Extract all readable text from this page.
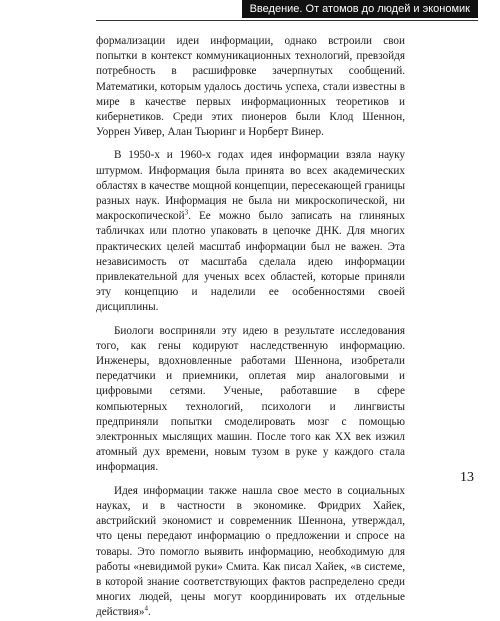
Введение. От атомов до людей и экономик

формализации идеи информации, однако встроили свои попытки в контекст коммуникационных технологий, превзойдя потребность в расшифровке зачерпнутых сообщений. Математики, которым удалось достичь успеха, стали известны в мире в качестве первых информационных теоретиков и кибернетиков. Среди этих пионеров были Клод Шеннон, Уоррен Уивер, Алан Тьюринг и Норберт Винер.

В 1950-х и 1960-х годах идея информации взяла науку штурмом. Информация была принята во всех академических областях в качестве мощной концепции, пересекающей границы разных наук. Информация не была ни микроскопической, ни макроскопической$^3$. Ее можно было записать на глиняных табличках или плотно упаковать в цепочке ДНК. Для многих практических целей масштаб информации был не важен. Эта независимость от масштаба сделала идею информации привлекательной для ученых всех областей, которые приняли эту концепцию и наделили ее особенностями своей дисциплины.

Биологи восприняли эту идею в результате исследования того, как гены кодируют наследственную информацию. Инженеры, вдохновленные работами Шеннона, изобретали передатчики и приемники, оплетая мир аналоговыми и цифровыми сетями. Ученые, работавшие в сфере компьютерных технологий, психологи и лингвисты предприняли попытки смоделировать мозг с помощью электронных мыслящих машин. После того как XX век изжил атомный дух времени, новым тузом в руке у каждого стала информация.

Идея информации также нашла свое место в социальных науках, и в частности в экономике. Фридрих Хайек, австрийский экономист и современник Шеннона, утверждал, что цены передают информацию о предложении и спросе на товары. Это помогло выявить информацию, необходимую для работы «невидимой руки» Смита. Как писал Хайек, «в системе, в которой знание соответствующих фактов распределено среди многих людей, цены могут координировать их отдельные действия»$^4$.

13
